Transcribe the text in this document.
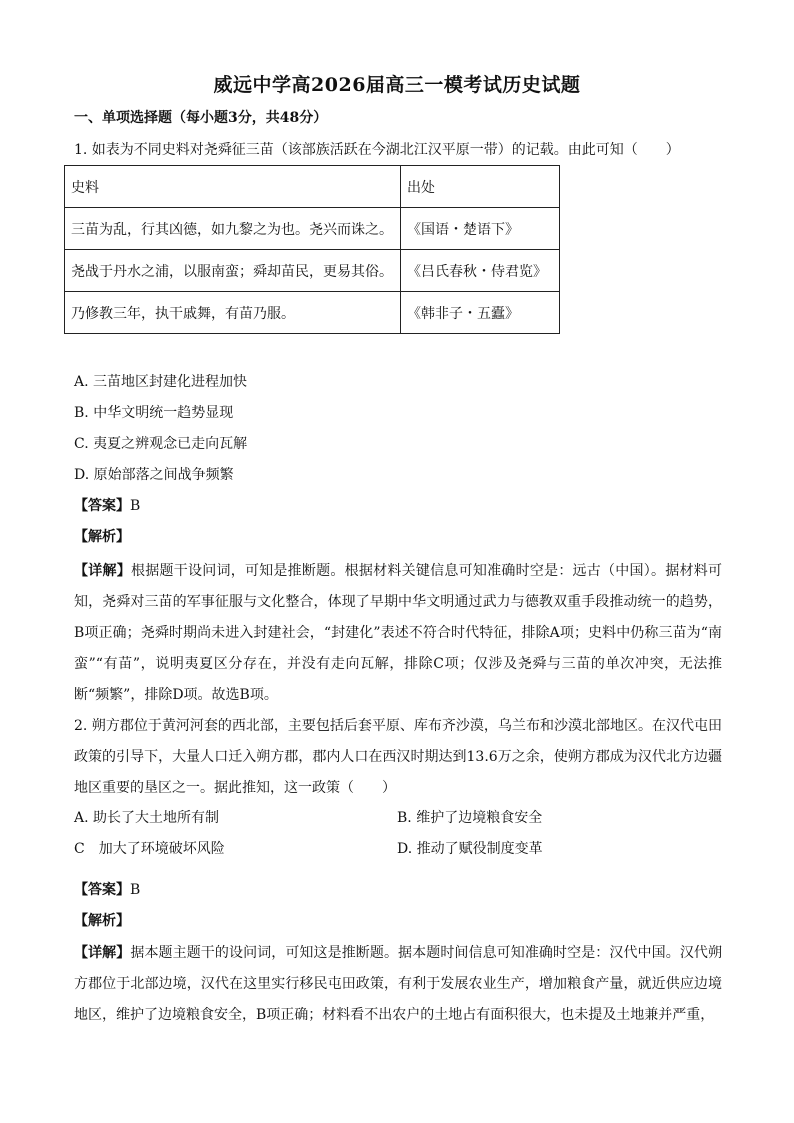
威远中学高2026届高三一模考试历史试题
一、单项选择题（每小题3分，共48分）
1. 如表为不同史料对尧舜征三苗（该部族活跃在今湖北江汉平原一带）的记载。由此可知（　　）
史料	出处
三苗为乱，行其凶德，如九黎之为也。尧兴而诛之。	《国语・楚语下》
尧战于丹水之浦，以服南蛮；舜却苗民，更易其俗。	《吕氏春秋・侍君览》
乃修教三年，执干戚舞，有苗乃服。	《韩非子・五蠹》
A. 三苗地区封建化进程加快
B. 中华文明统一趋势显现
C. 夷夏之辨观念已走向瓦解
D. 原始部落之间战争频繁
【答案】B
【解析】
【详解】根据题干设问词，可知是推断题。根据材料关键信息可知准确时空是：远古（中国）。据材料可知，尧舜对三苗的军事征服与文化整合，体现了早期中华文明通过武力与德教双重手段推动统一的趋势，B项正确；尧舜时期尚未进入封建社会，“封建化”表述不符合时代特征，排除A项；史料中仍称三苗为“南蛮”“有苗”，说明夷夏区分存在，并没有走向瓦解，排除C项；仅涉及尧舜与三苗的单次冲突，无法推断“频繁”，排除D项。故选B项。
2. 朔方郡位于黄河河套的西北部，主要包括后套平原、库布齐沙漠，乌兰布和沙漠北部地区。在汉代屯田政策的引导下，大量人口迁入朔方郡，郡内人口在西汉时期达到13.6万之余，使朔方郡成为汉代北方边疆地区重要的垦区之一。据此推知，这一政策（　　）
A. 助长了大土地所有制	B. 维护了边境粮食安全
C　加大了环境破坏风险	D. 推动了赋役制度变革
【答案】B
【解析】
【详解】据本题主题干的设问词，可知这是推断题。据本题时间信息可知准确时空是：汉代中国。汉代朔方郡位于北部边境，汉代在这里实行移民屯田政策，有利于发展农业生产，增加粮食产量，就近供应边境地区，维护了边境粮食安全，B项正确；材料看不出农户的土地占有面积很大，也未提及土地兼并严重，
